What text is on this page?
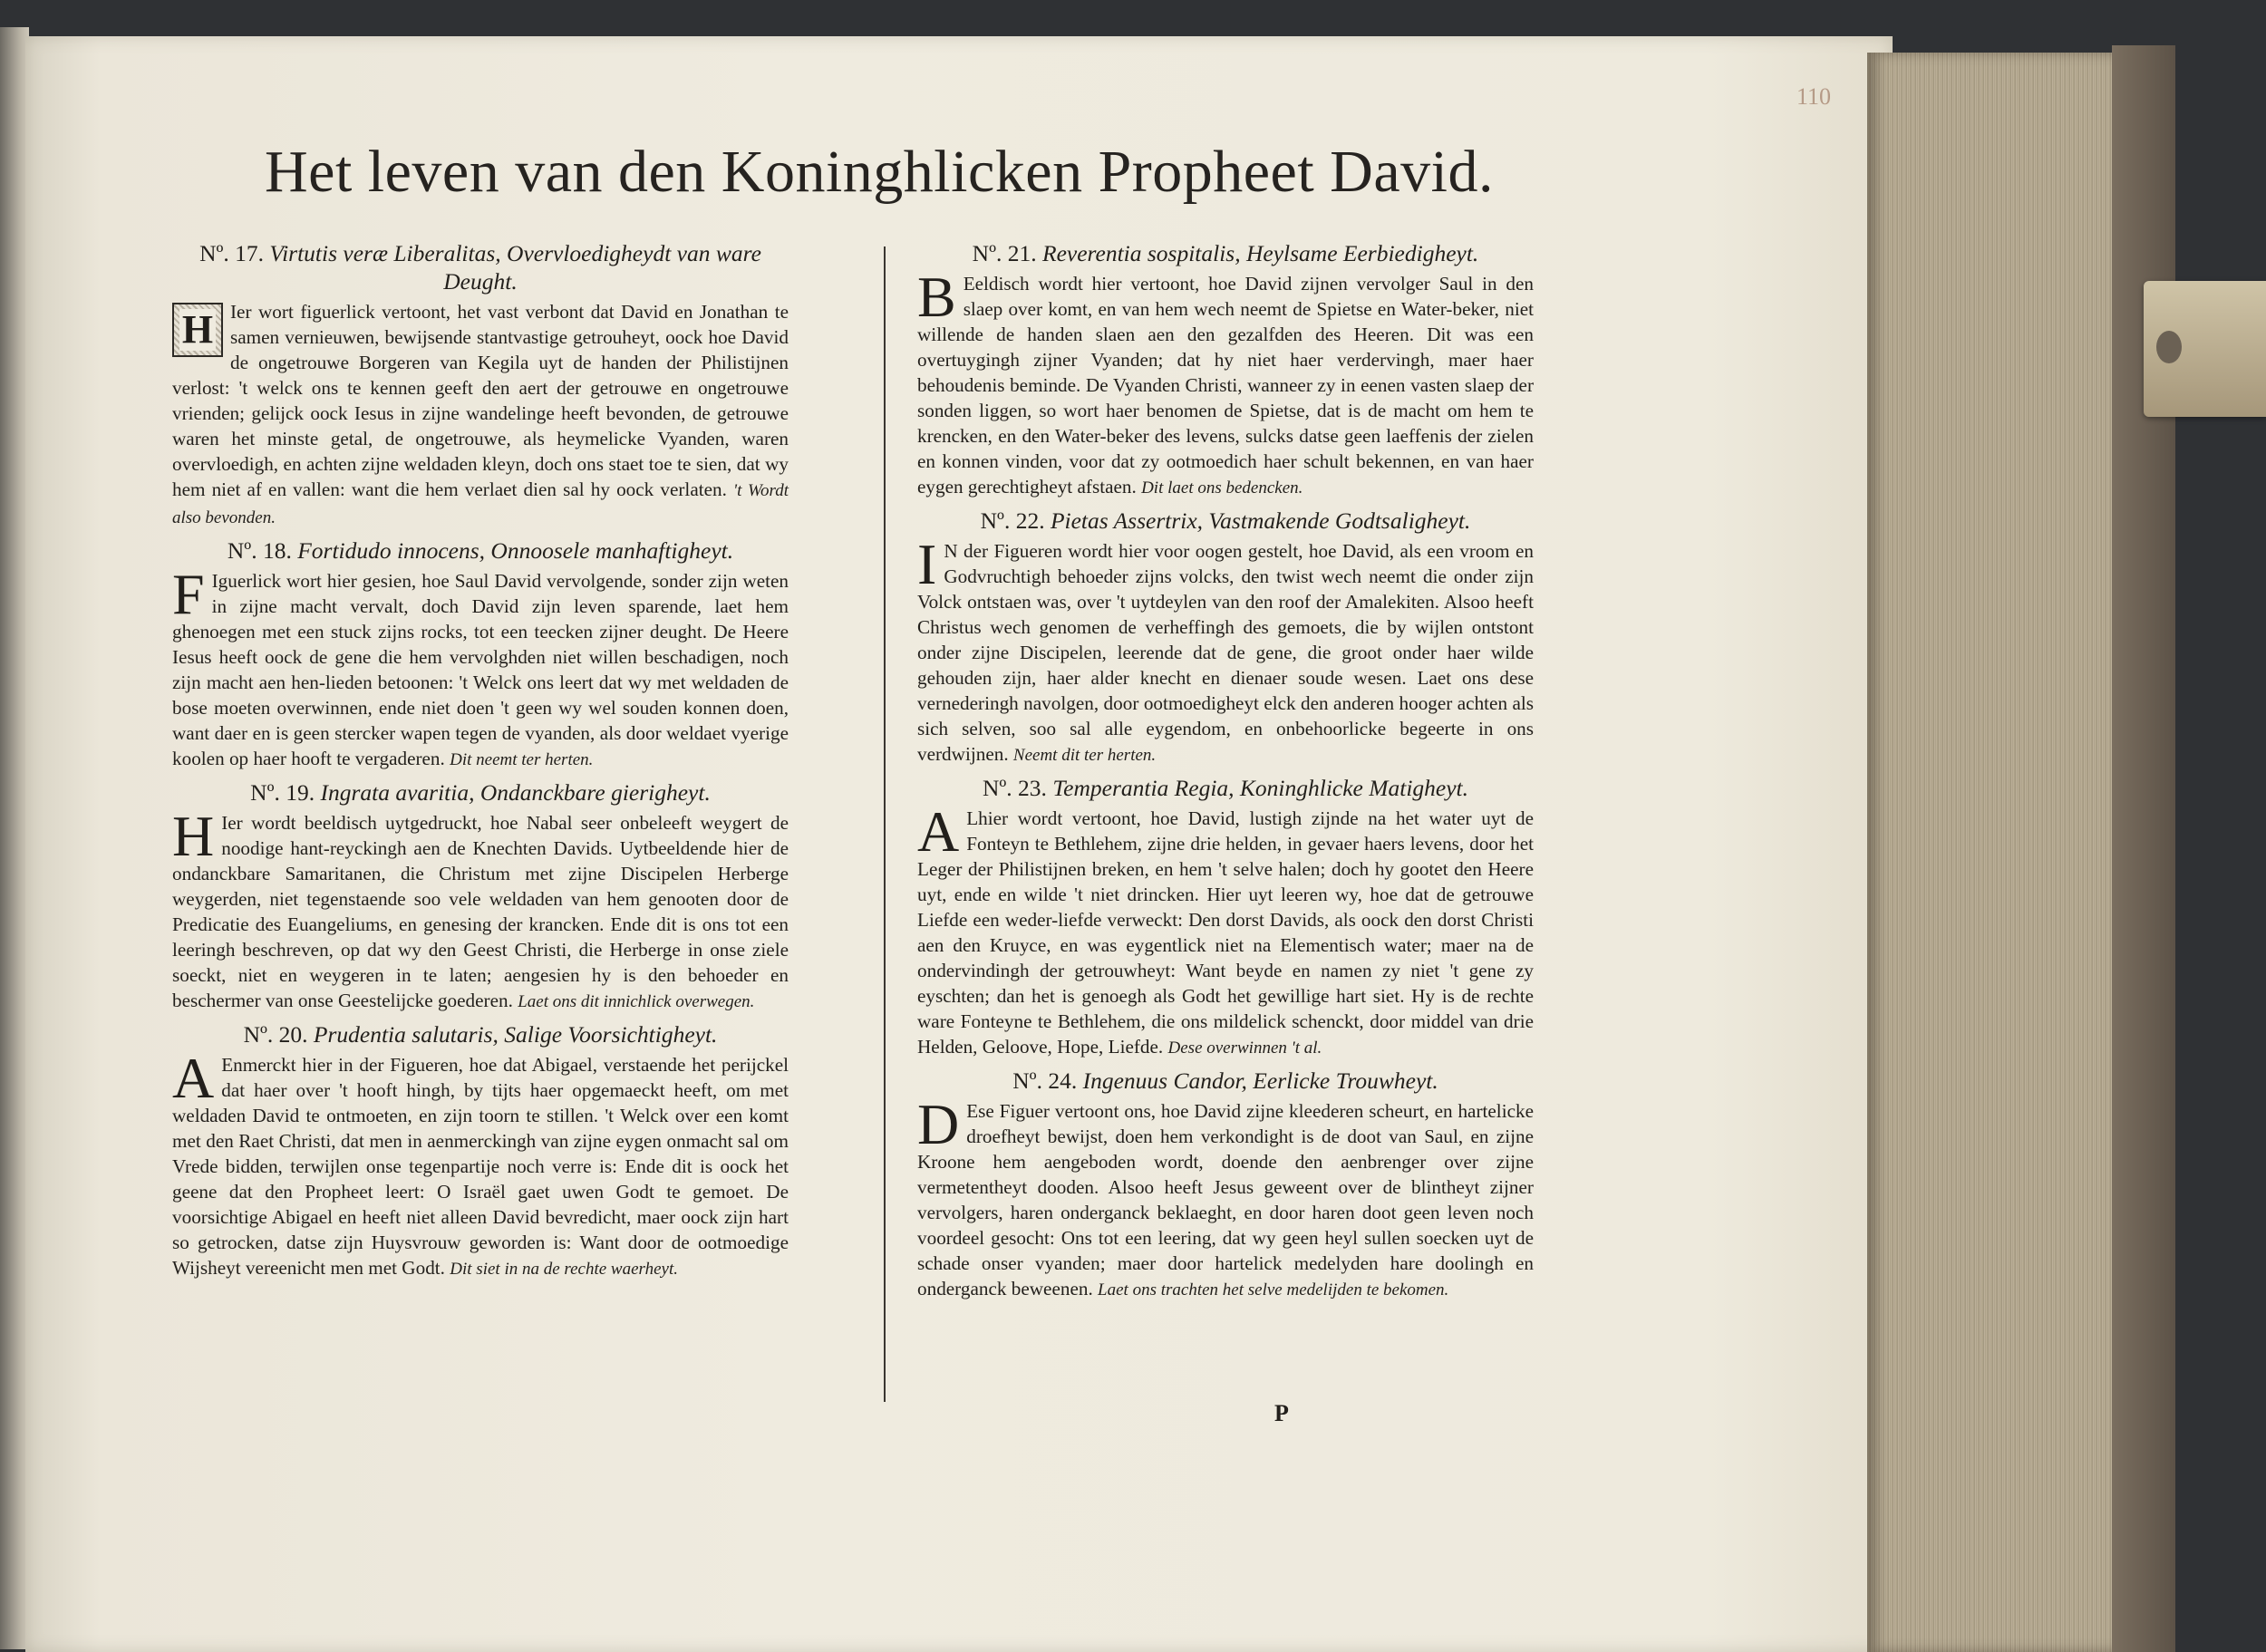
110
Het leven van den Koninghlicken Propheet David.

Nº. 17. Virtutis veræ Liberalitas, Overvloedigheydt van ware Deught.

H Ier wort figuerlick vertoont, het vast verbont dat David en Jonathan te samen vernieuwen, bewijsende stantvastige getrouheyt, oock hoe David de ongetrouwe Borgeren van Kegila uyt de handen der Philistijnen verlost: 't welck ons te kennen geeft den aert der getrouwe en ongetrouwe vrienden; gelijck oock Iesus in zijne wandelinge heeft bevonden, de getrouwe waren het minste getal, de ongetrouwe, als heymelicke Vyanden, waren overvloedigh, en achten zijne weldaden kleyn, doch ons staet toe te sien, dat wy hem niet af en vallen: want die hem verlaet dien sal hy oock verlaten. 't Wordt also bevonden.

Nº. 18. Fortidudo innocens, Onnoosele manhaftigheyt.

F Iguerlick wort hier gesien, hoe Saul David vervolgende, sonder zijn weten in zijne macht vervalt, doch David zijn leven sparende, laet hem ghenoegen met een stuck zijns rocks, tot een teecken zijner deught. De Heere Iesus heeft oock de gene die hem vervolghden niet willen beschadigen, noch zijn macht aen hen-lieden betoonen: 't Welck ons leert dat wy met weldaden de bose moeten overwinnen, ende niet doen 't geen wy wel souden konnen doen, want daer en is geen stercker wapen tegen de vyanden, als door weldaet vyerige koolen op haer hooft te vergaderen. Dit neemt ter herten.

Nº. 19. Ingrata avaritia, Ondanckbare gierigheyt.

H Ier wordt beeldisch uytgedruckt, hoe Nabal seer onbeleeft weygert de noodige hant-reyckingh aen de Knechten Davids. Uytbeeldende hier de ondanckbare Samaritanen, die Christum met zijne Discipelen Herberge weygerden, niet tegenstaende soo vele weldaden van hem genooten door de Predicatie des Euangeliums, en genesing der krancken. Ende dit is ons tot een leeringh beschreven, op dat wy den Geest Christi, die Herberge in onse ziele soeckt, niet en weygeren in te laten; aengesien hy is den behoeder en beschermer van onse Geestelijcke goederen. Laet ons dit innichlick overwegen.

Nº. 20. Prudentia salutaris, Salige Voorsichtigheyt.

A Enmerckt hier in der Figueren, hoe dat Abigael, verstaende het perijckel dat haer over 't hooft hingh, by tijts haer opgemaeckt heeft, om met weldaden David te ontmoeten, en zijn toorn te stillen. 't Welck over een komt met den Raet Christi, dat men in aenmerckingh van zijne eygen onmacht sal om Vrede bidden, terwijlen onse tegenpartije noch verre is: Ende dit is oock het geene dat den Propheet leert: O Israël gaet uwen Godt te gemoet. De voorsichtige Abigael en heeft niet alleen David bevredicht, maer oock zijn hart so getrocken, datse zijn Huysvrouw geworden is: Want door de ootmoedige Wijsheyt vereenicht men met Godt. Dit siet in na de rechte waerheyt.

Nº. 21. Reverentia sospitalis, Heylsame Eerbiedigheyt.

B Eeldisch wordt hier vertoont, hoe David zijnen vervolger Saul in den slaep over komt, en van hem wech neemt de Spietse en Water-beker, niet willende de handen slaen aen den gezalfden des Heeren. Dit was een overtuygingh zijner Vyanden; dat hy niet haer verdervingh, maer haer behoudenis beminde. De Vyanden Christi, wanneer zy in eenen vasten slaep der sonden liggen, so wort haer benomen de Spietse, dat is de macht om hem te krencken, en den Water-beker des levens, sulcks datse geen laeffenis der zielen en konnen vinden, voor dat zy ootmoedich haer schult bekennen, en van haer eygen gerechtigheyt afstaen. Dit laet ons bedencken.

Nº. 22. Pietas Assertrix, Vastmakende Godtsaligheyt.

I N der Figueren wordt hier voor oogen gestelt, hoe David, als een vroom en Godvruchtigh behoeder zijns volcks, den twist wech neemt die onder zijn Volck ontstaen was, over 't uytdeylen van den roof der Amalekiten. Alsoo heeft Christus wech genomen de verheffingh des gemoets, die by wijlen ontstont onder zijne Discipelen, leerende dat de gene, die groot onder haer wilde gehouden zijn, haer alder knecht en dienaer soude wesen. Laet ons dese vernederingh navolgen, door ootmoedigheyt elck den anderen hooger achten als sich selven, soo sal alle eygendom, en onbehoorlicke begeerte in ons verdwijnen. Neemt dit ter herten.

Nº. 23. Temperantia Regia, Koninghlicke Matigheyt.

A Lhier wordt vertoont, hoe David, lustigh zijnde na het water uyt de Fonteyn te Bethlehem, zijne drie helden, in gevaer haers levens, door het Leger der Philistijnen breken, en hem 't selve halen; doch hy gootet den Heere uyt, ende en wilde 't niet drincken. Hier uyt leeren wy, hoe dat de getrouwe Liefde een weder-liefde verweckt: Den dorst Davids, als oock den dorst Christi aen den Kruyce, en was eygentlick niet na Elementisch water; maer na de ondervindingh der getrouwheyt: Want beyde en namen zy niet 't gene zy eyschten; dan het is genoegh als Godt het gewillige hart siet. Hy is de rechte ware Fonteyne te Bethlehem, die ons mildelick schenckt, door middel van drie Helden, Geloove, Hope, Liefde. Dese overwinnen 't al.

Nº. 24. Ingenuus Candor, Eerlicke Trouwheyt.

D Ese Figuer vertoont ons, hoe David zijne kleederen scheurt, en hartelicke droefheyt bewijst, doen hem verkondight is de doot van Saul, en zijne Kroone hem aengeboden wordt, doende den aenbrenger over zijne vermetentheyt dooden. Alsoo heeft Jesus geweent over de blintheyt zijner vervolgers, haren onderganck beklaeght, en door haren doot geen leven noch voordeel gesocht: Ons tot een leering, dat wy geen heyl sullen soecken uyt de schade onser vyanden; maer door hartelick medelyden hare doolingh en onderganck beweenen. Laet ons trachten het selve medelijden te bekomen.

P
